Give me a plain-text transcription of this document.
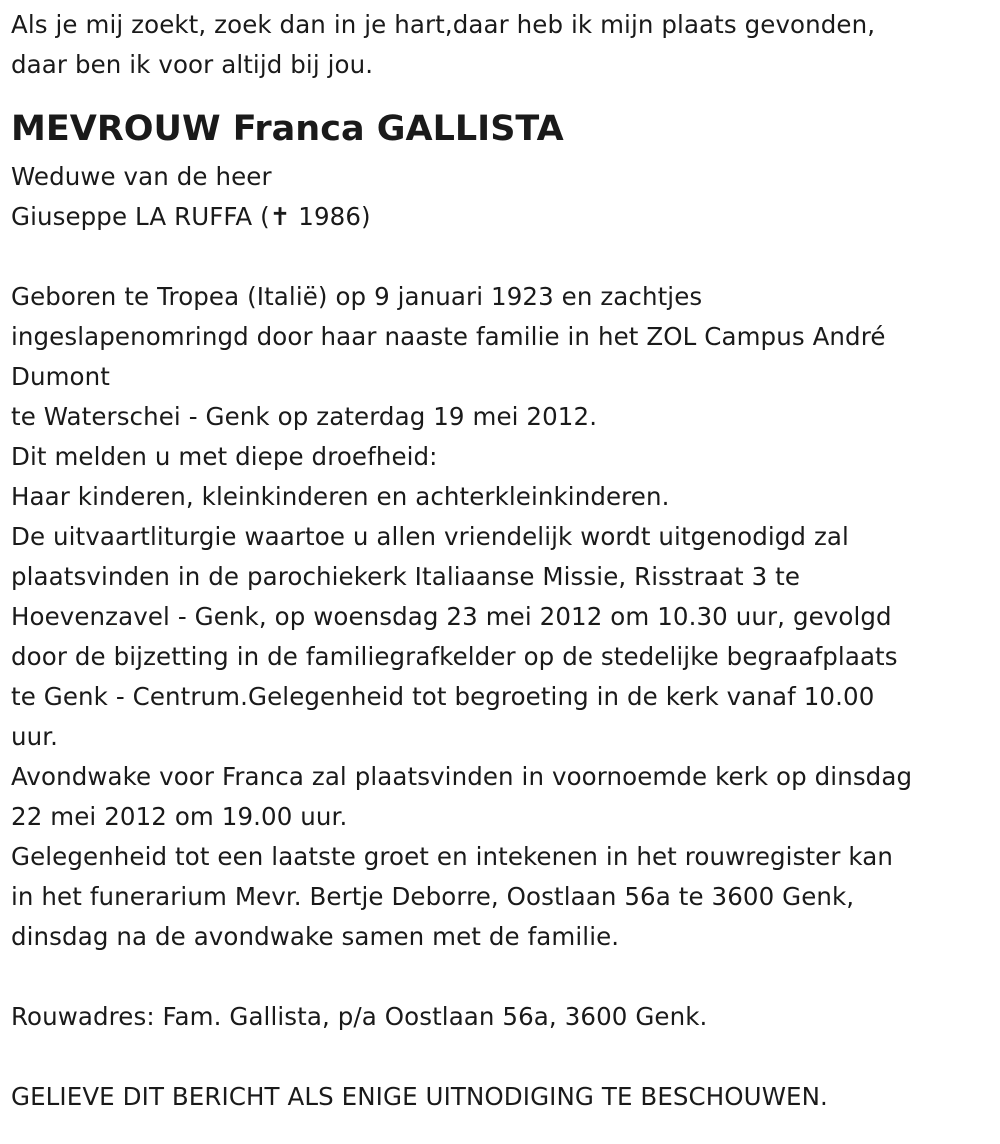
Als je mij zoekt, zoek dan in je hart,daar heb ik mijn plaats gevonden,
daar ben ik voor altijd bij jou.
MEVROUW Franca GALLISTA
Weduwe van de heer
Giuseppe LA RUFFA (✝ 1986)
Geboren te Tropea (Italië) op 9 januari 1923 en zachtjes
ingeslapenomringd door haar naaste familie in het ZOL Campus André
Dumont
te Waterschei - Genk op zaterdag 19 mei 2012.
Dit melden u met diepe droefheid:
Haar kinderen, kleinkinderen en achterkleinkinderen.
De uitvaartliturgie waartoe u allen vriendelijk wordt uitgenodigd zal
plaatsvinden in de parochiekerk Italiaanse Missie, Risstraat 3 te
Hoevenzavel - Genk, op woensdag 23 mei 2012 om 10.30 uur, gevolgd
door de bijzetting in de familiegrafkelder op de stedelijke begraafplaats
te Genk - Centrum.Gelegenheid tot begroeting in de kerk vanaf 10.00
uur.
Avondwake voor Franca zal plaatsvinden in voornoemde kerk op dinsdag
22 mei 2012 om 19.00 uur.
Gelegenheid tot een laatste groet en intekenen in het rouwregister kan
in het funerarium Mevr. Bertje Deborre, Oostlaan 56a te 3600 Genk,
dinsdag na de avondwake samen met de familie.
Rouwadres: Fam. Gallista, p/a Oostlaan 56a, 3600 Genk.
GELIEVE DIT BERICHT ALS ENIGE UITNODIGING TE BESCHOUWEN.
